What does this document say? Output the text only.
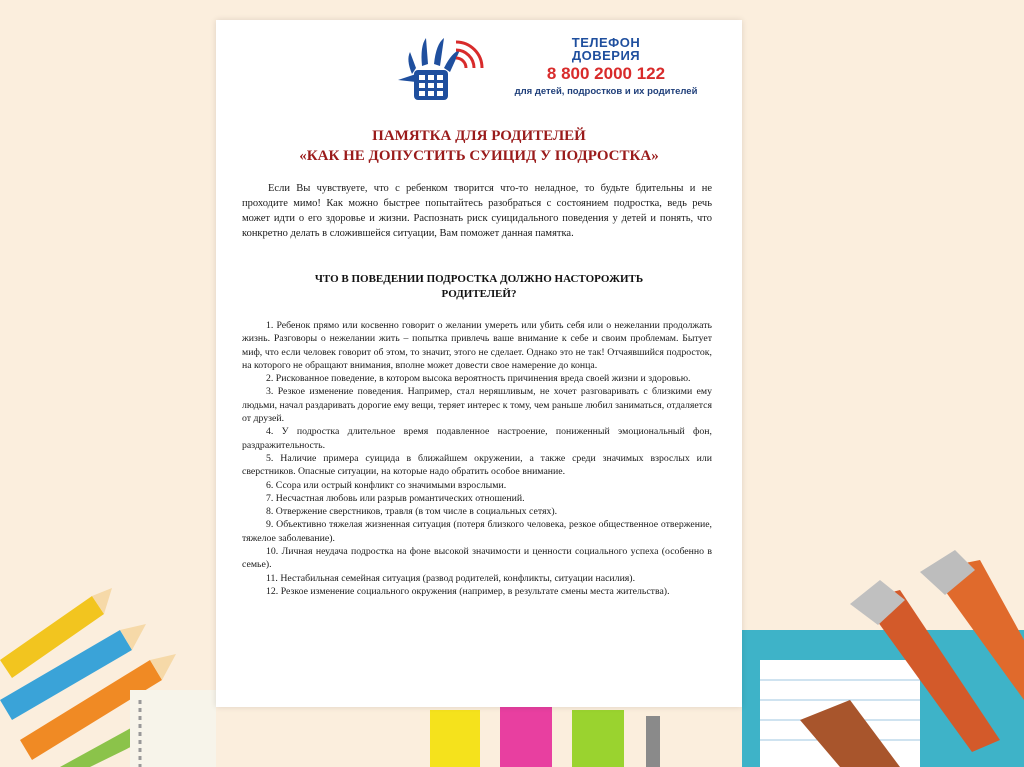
ТЕЛЕФОН
ДОВЕРИЯ
8 800 2000 122
для детей, подростков и их родителей
ПАМЯТКА ДЛЯ РОДИТЕЛЕЙ
«КАК НЕ ДОПУСТИТЬ СУИЦИД У ПОДРОСТКА»

Если Вы чувствуете, что с ребенком творится что-то неладное, то будьте бдительны и не проходите мимо! Как можно быстрее попытайтесь разобраться с состоянием подростка, ведь речь может идти о его здоровье и жизни. Распознать риск суицидального поведения у детей и понять, что конкретно делать в сложившейся ситуации, Вам поможет данная памятка.

ЧТО В ПОВЕДЕНИИ ПОДРОСТКА ДОЛЖНО НАСТОРОЖИТЬ
РОДИТЕЛЕЙ?
1. Ребенок прямо или косвенно говорит о желании умереть или убить себя или о нежелании продолжать жизнь. Разговоры о нежелании жить – попытка привлечь ваше внимание к себе и своим проблемам. Бытует миф, что если человек говорит об этом, то значит, этого не сделает. Однако это не так! Отчаявшийся подросток, на которого не обращают внимания, вполне может довести свое намерение до конца.
2. Рискованное поведение, в котором высока вероятность причинения вреда своей жизни и здоровью.
3. Резкое изменение поведения. Например, стал неряшливым, не хочет разговаривать с близкими ему людьми, начал раздаривать дорогие ему вещи, теряет интерес к тому, чем раньше любил заниматься, отдаляется от друзей.
4. У подростка длительное время подавленное настроение, пониженный эмоциональный фон, раздражительность.
5. Наличие примера суицида в ближайшем окружении, а также среди значимых взрослых или сверстников. Опасные ситуации, на которые надо обратить особое внимание.
6. Ссора или острый конфликт со значимыми взрослыми.
7. Несчастная любовь или разрыв романтических отношений.
8. Отвержение сверстников, травля (в том числе в социальных сетях).
9. Объективно тяжелая жизненная ситуация (потеря близкого человека, резкое общественное отвержение, тяжелое заболевание).
10. Личная неудача подростка на фоне высокой значимости и ценности социального успеха (особенно в семье).
11. Нестабильная семейная ситуация (развод родителей, конфликты, ситуации насилия).
12. Резкое изменение социального окружения (например, в результате смены места жительства).
